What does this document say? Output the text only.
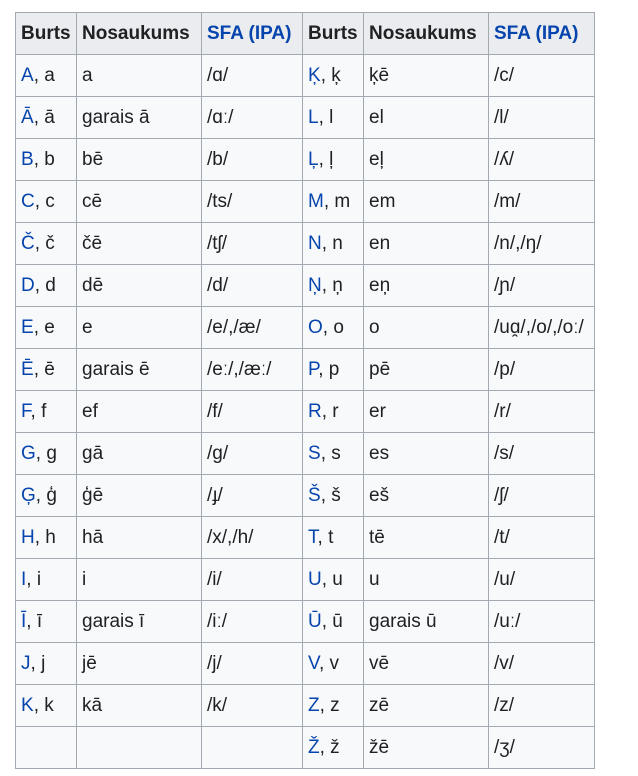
Burts	Nosaukums	SFA (IPA)	Burts	Nosaukums	SFA (IPA)
A, a	a	/ɑ/	Ķ, ķ	ķē	/c/
Ā, ā	garais ā	/ɑː/	L, l	el	/l/
B, b	bē	/b/	Ļ, ļ	eļ	/ʎ/
C, c	cē	/ts/	M, m	em	/m/
Č, č	čē	/tʃ/	N, n	en	/n/,/ŋ/
D, d	dē	/d/	Ņ, ņ	eņ	/ɲ/
E, e	e	/e/,/æ/	O, o	o	/uɑ̯/,/o/,/oː/
Ē, ē	garais ē	/eː/,/æː/	P, p	pē	/p/
F, f	ef	/f/	R, r	er	/r/
G, g	gā	/g/	S, s	es	/s/
Ģ, ģ	ģē	/ɟ/	Š, š	eš	/ʃ/
H, h	hā	/x/,/h/	T, t	tē	/t/
I, i	i	/i/	U, u	u	/u/
Ī, ī	garais ī	/iː/	Ū, ū	garais ū	/uː/
J, j	jē	/j/	V, v	vē	/v/
K, k	kā	/k/	Z, z	zē	/z/
			Ž, ž	žē	/ʒ/
